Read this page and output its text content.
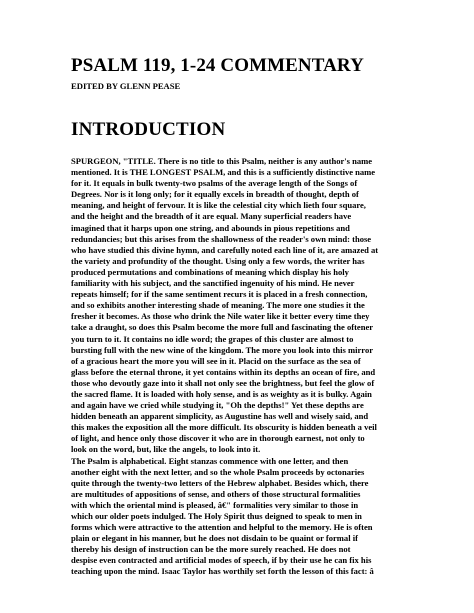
PSALM 119, 1-24 COMMENTARY
EDITED BY GLENN PEASE
INTRODUCTION
SPURGEON, "TITLE. There is no title to this Psalm, neither is any author's name
mentioned. It is THE LONGEST PSALM, and this is a sufficiently distinctive name
for it. It equals in bulk twenty-two psalms of the average length of the Songs of
Degrees. Nor is it long only; for it equally excels in breadth of thought, depth of
meaning, and height of fervour. It is like the celestial city which lieth four square,
and the height and the breadth of it are equal. Many superficial readers have
imagined that it harps upon one string, and abounds in pious repetitions and
redundancies; but this arises from the shallowness of the reader's own mind: those
who have studied this divine hymn, and carefully noted each line of it, are amazed at
the variety and profundity of the thought. Using only a few words, the writer has
produced permutations and combinations of meaning which display his holy
familiarity with his subject, and the sanctified ingenuity of his mind. He never
repeats himself; for if the same sentiment recurs it is placed in a fresh connection,
and so exhibits another interesting shade of meaning. The more one studies it the
fresher it becomes. As those who drink the Nile water like it better every time they
take a draught, so does this Psalm become the more full and fascinating the oftener
you turn to it. It contains no idle word; the grapes of this cluster are almost to
bursting full with the new wine of the kingdom. The more you look into this mirror
of a gracious heart the more you will see in it. Placid on the surface as the sea of
glass before the eternal throne, it yet contains within its depths an ocean of fire, and
those who devoutly gaze into it shall not only see the brightness, but feel the glow of
the sacred flame. It is loaded with holy sense, and is as weighty as it is bulky. Again
and again have we cried while studying it, "Oh the depths!" Yet these depths are
hidden beneath an apparent simplicity, as Augustine has well and wisely said, and
this makes the exposition all the more difficult. Its obscurity is hidden beneath a veil
of light, and hence only those discover it who are in thorough earnest, not only to
look on the word, but, like the angels, to look into it.
The Psalm is alphabetical. Eight stanzas commence with one letter, and then
another eight with the next letter, and so the whole Psalm proceeds by octonaries
quite through the twenty-two letters of the Hebrew alphabet. Besides which, there
are multitudes of appositions of sense, and others of those structural formalities
with which the oriental mind is pleased, â€" formalities very similar to those in
which our older poets indulged. The Holy Spirit thus deigned to speak to men in
forms which were attractive to the attention and helpful to the memory. He is often
plain or elegant in his manner, but he does not disdain to be quaint or formal if
thereby his design of instruction can be the more surely reached. He does not
despise even contracted and artificial modes of speech, if by their use he can fix his
teaching upon the mind. Isaac Taylor has worthily set forth the lesson of this fact: â
